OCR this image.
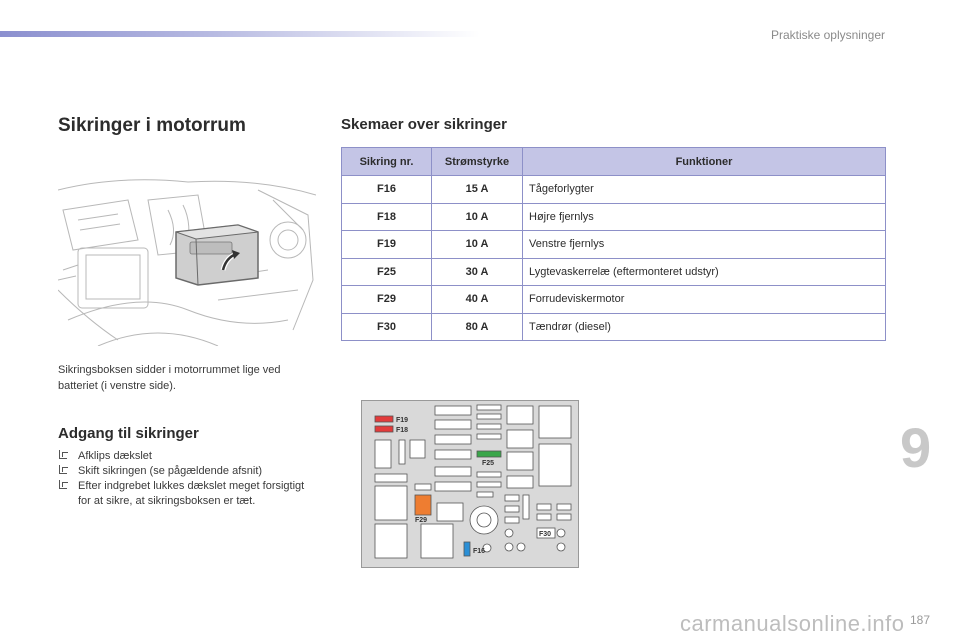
Praktiske oplysninger
Sikringer i motorrum

Sikringsboksen sidder i motorrummet lige ved batteriet (i venstre side).

Adgang til sikringer
Afklips dækslet
Skift sikringen (se pågældende afsnit)
Efter indgrebet lukkes dækslet meget forsigtigt for at sikre, at sikringsboksen er tæt.
Skemaer over sikringer
Sikring nr.	Strømstyrke	Funktioner
F16	15 A	Tågeforlygter
F18	10 A	Højre fjernlys
F19	10 A	Venstre fjernlys
F25	30 A	Lygtevaskerrelæ (eftermonteret udstyr)
F29	40 A	Forrudeviskermotor
F30	80 A	Tændrør (diesel)
F19
F18
F25
F29
F30
F16
9
carmanualsonline.info 187
